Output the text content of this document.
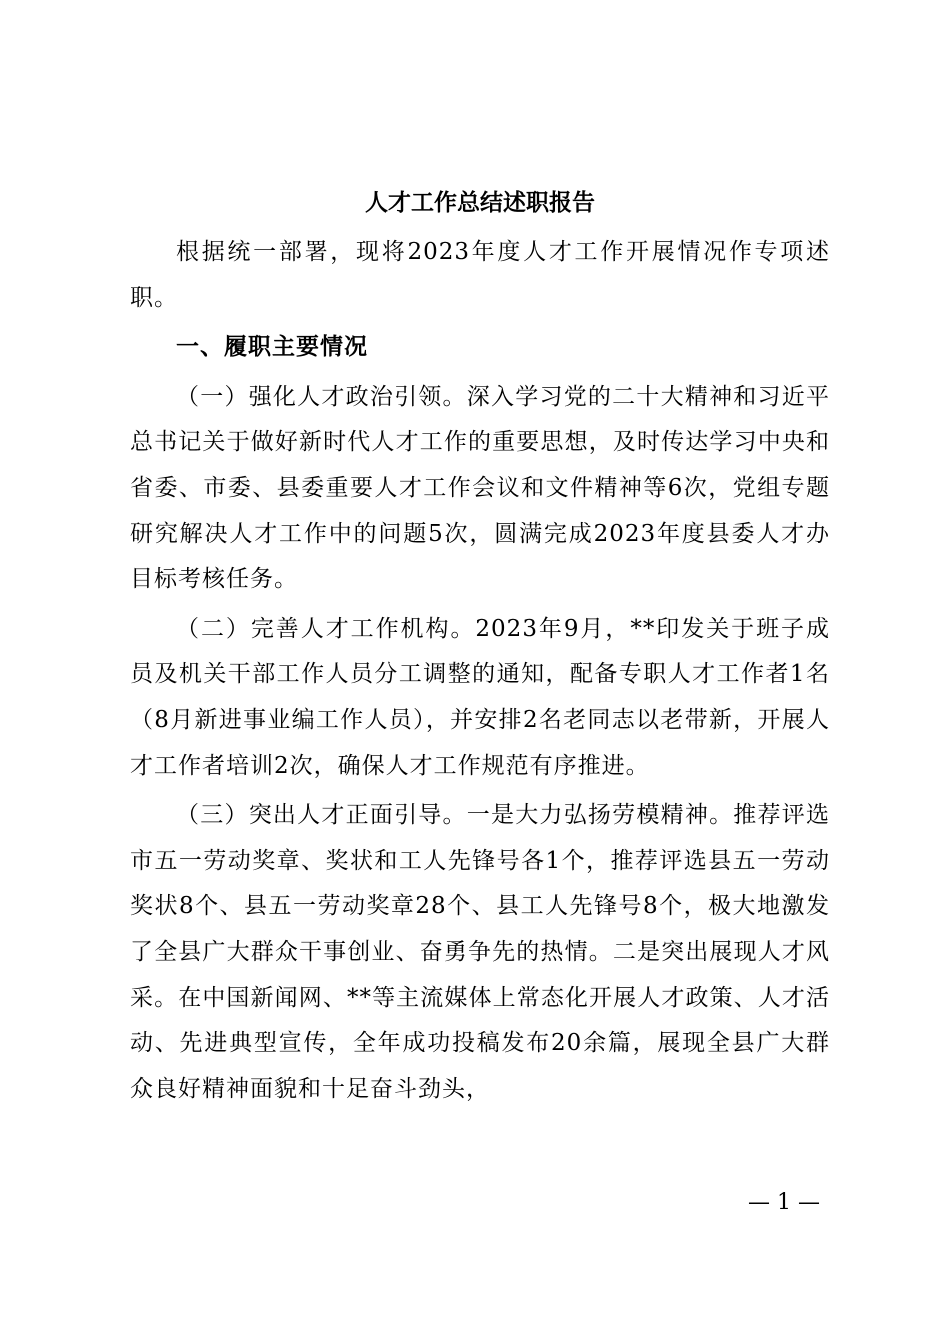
人才工作总结述职报告

根据统一部署，现将2023年度人才工作开展情况作专项述职。

一、履职主要情况

（一）强化人才政治引领。深入学习党的二十大精神和习近平总书记关于做好新时代人才工作的重要思想，及时传达学习中央和省委、市委、县委重要人才工作会议和文件精神等6次，党组专题研究解决人才工作中的问题5次，圆满完成2023年度县委人才办目标考核任务。

（二）完善人才工作机构。2023年9月，**印发关于班子成员及机关干部工作人员分工调整的通知，配备专职人才工作者1名（8月新进事业编工作人员），并安排2名老同志以老带新，开展人才工作者培训2次，确保人才工作规范有序推进。

（三）突出人才正面引导。一是大力弘扬劳模精神。推荐评选市五一劳动奖章、奖状和工人先锋号各1个，推荐评选县五一劳动奖状8个、县五一劳动奖章28个、县工人先锋号8个，极大地激发了全县广大群众干事创业、奋勇争先的热情。二是突出展现人才风采。在中国新闻网、**等主流媒体上常态化开展人才政策、人才活动、先进典型宣传，全年成功投稿发布20余篇，展现全县广大群众良好精神面貌和十足奋斗劲头，

— 1 —
